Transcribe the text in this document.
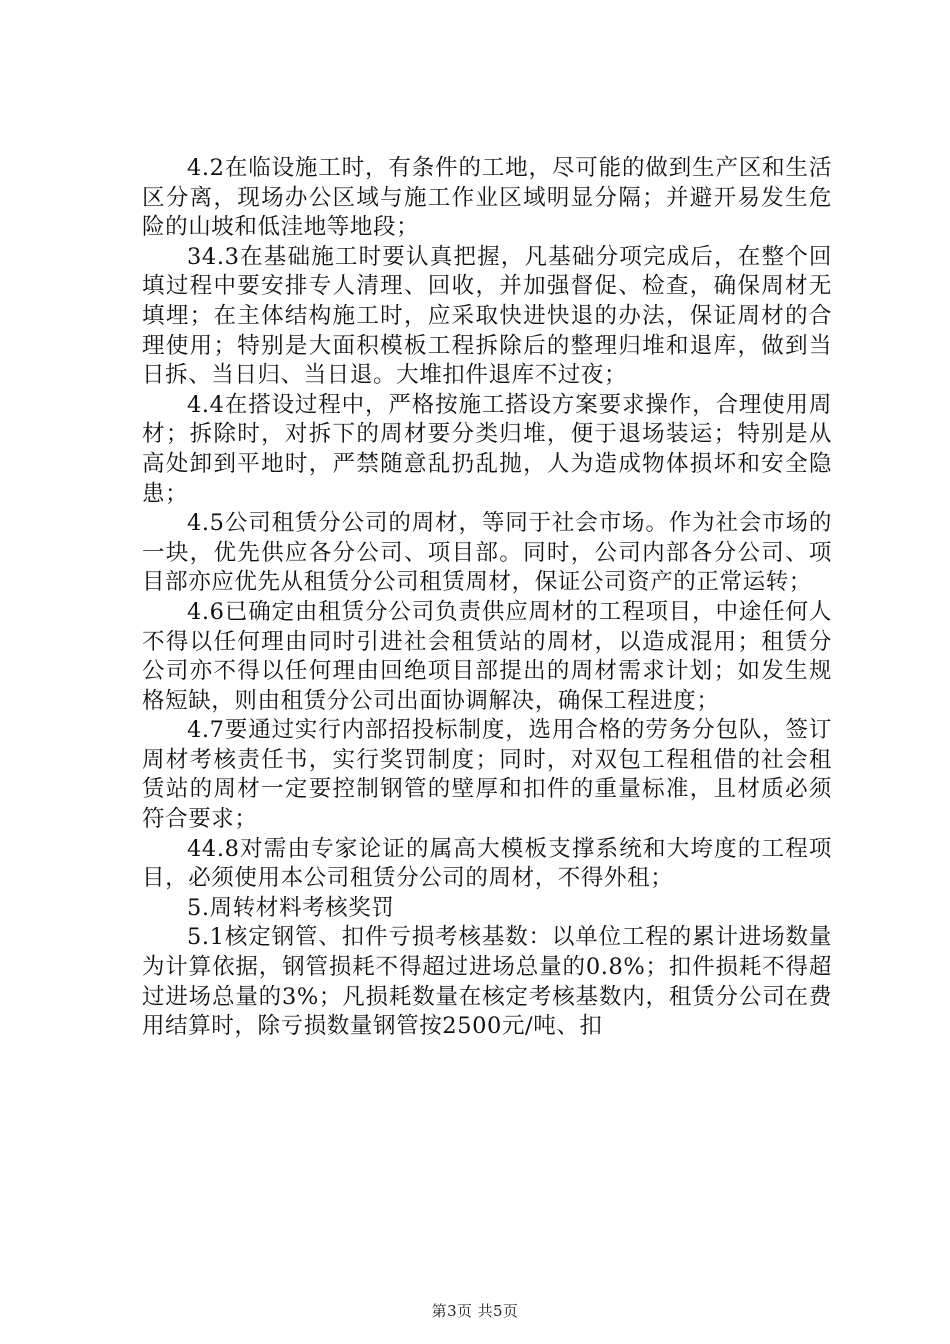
4.2在临设施工时，有条件的工地，尽可能的做到生产区和生活区分离，现场办公区域与施工作业区域明显分隔；并避开易发生危险的山坡和低洼地等地段；

34.3在基础施工时要认真把握，凡基础分项完成后，在整个回填过程中要安排专人清理、回收，并加强督促、检查，确保周材无填埋；在主体结构施工时，应采取快进快退的办法，保证周材的合理使用；特别是大面积模板工程拆除后的整理归堆和退库，做到当日拆、当日归、当日退。大堆扣件退库不过夜；

4.4在搭设过程中，严格按施工搭设方案要求操作，合理使用周材；拆除时，对拆下的周材要分类归堆，便于退场装运；特别是从高处卸到平地时，严禁随意乱扔乱抛，人为造成物体损坏和安全隐患；

4.5公司租赁分公司的周材，等同于社会市场。作为社会市场的一块，优先供应各分公司、项目部。同时，公司内部各分公司、项目部亦应优先从租赁分公司租赁周材，保证公司资产的正常运转；

4.6已确定由租赁分公司负责供应周材的工程项目，中途任何人不得以任何理由同时引进社会租赁站的周材，以造成混用；租赁分公司亦不得以任何理由回绝项目部提出的周材需求计划；如发生规格短缺，则由租赁分公司出面协调解决，确保工程进度；

4.7要通过实行内部招投标制度，选用合格的劳务分包队，签订周材考核责任书，实行奖罚制度；同时，对双包工程租借的社会租赁站的周材一定要控制钢管的壁厚和扣件的重量标准，且材质必须符合要求；

44.8对需由专家论证的属高大模板支撑系统和大垮度的工程项目，必须使用本公司租赁分公司的周材，不得外租；

5.周转材料考核奖罚

5.1核定钢管、扣件亏损考核基数：以单位工程的累计进场数量为计算依据，钢管损耗不得超过进场总量的0.8%；扣件损耗不得超过进场总量的3%；凡损耗数量在核定考核基数内，租赁分公司在费用结算时，除亏损数量钢管按2500元/吨、扣

第3页 共5页
